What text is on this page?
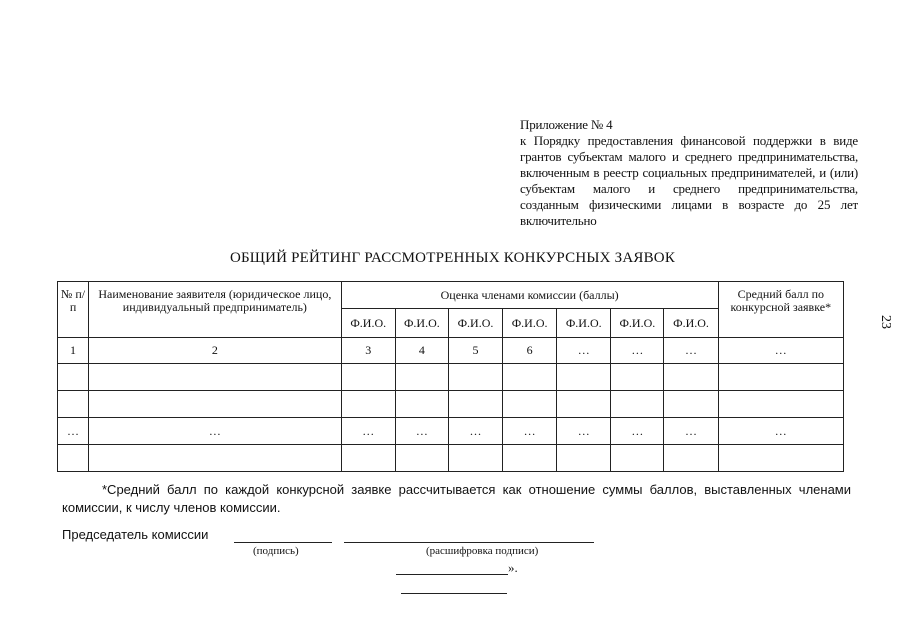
Приложение № 4
к Порядку предоставления финансовой поддержки в виде грантов субъектам малого и среднего предпринимательства, включенным в реестр социальных предпринимателей, и (или) субъектам малого и среднего предпринимательства, созданным физическими лицами в возрасте до 25 лет включительно
23
ОБЩИЙ РЕЙТИНГ РАССМОТРЕННЫХ КОНКУРСНЫХ ЗАЯВОК
№ п/п	Наименование заявителя (юридическое лицо, индивидуальный предприниматель)	Оценка членами комиссии (баллы)							Средний балл по конкурсной заявке*
		Ф.И.О.	Ф.И.О.	Ф.И.О.	Ф.И.О.	Ф.И.О.	Ф.И.О.	Ф.И.О.	
1	2	3	4	5	6	…	…	…	…

…	…	…	…	…	…	…	…	…	…

*Средний балл по каждой конкурсной заявке рассчитывается как отношение суммы баллов, выставленных членами комиссии, к числу членов комиссии.
Председатель комиссии
(подпись)	(расшифровка подписи)
».
